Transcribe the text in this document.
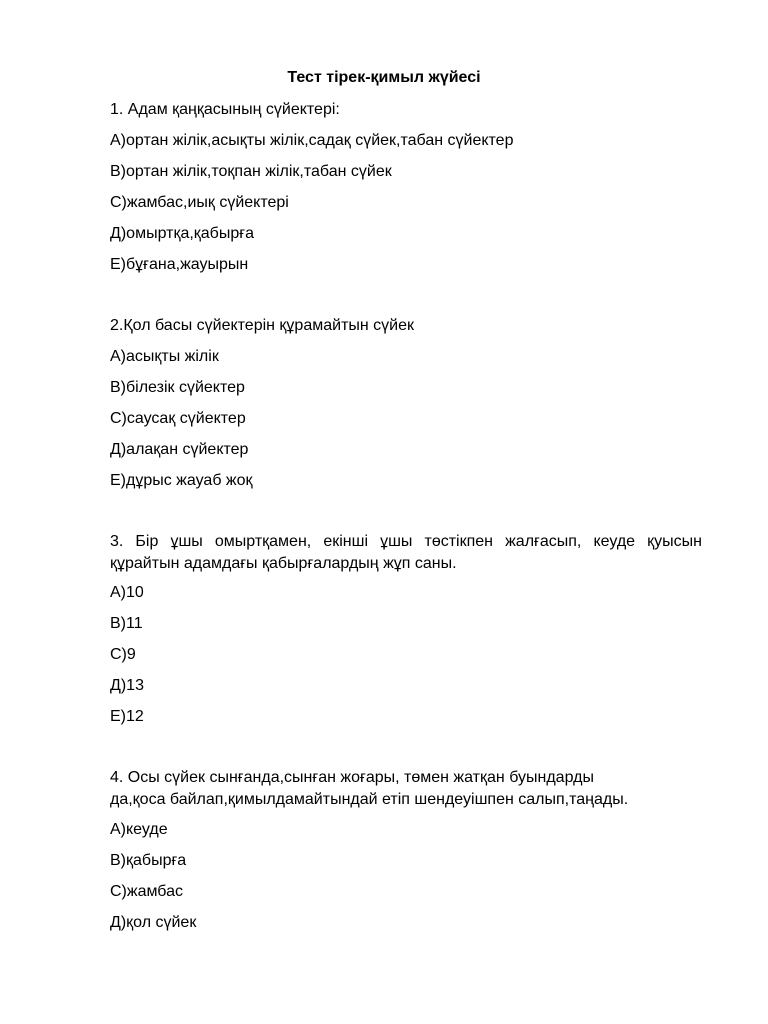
Тест тірек-қимыл жүйесі
1. Адам қаңқасының сүйектері:
А)ортан жілік,асықты жілік,садақ сүйек,табан сүйектер
В)ортан жілік,тоқпан жілік,табан сүйек
С)жамбас,иық сүйектері
Д)омыртқа,қабырға
Е)бұғана,жауырын
2.Қол басы сүйектерін құрамайтын сүйек
А)асықты жілік
В)білезік сүйектер
С)саусақ сүйектер
Д)алақан сүйектер
Е)дұрыс жауаб жоқ
3. Бір ұшы омыртқамен, екінші ұшы төстікпен жалғасып, кеуде қуысын
құрайтын адамдағы қабырғалардың жұп саны.
А)10
В)11
С)9
Д)13
Е)12
4. Осы сүйек сынғанда,сынған жоғары, төмен жатқан буындарды
да,қоса байлап,қимылдамайтындай етіп шендеуішпен салып,таңады.
А)кеуде
В)қабырға
С)жамбас
Д)қол сүйек
